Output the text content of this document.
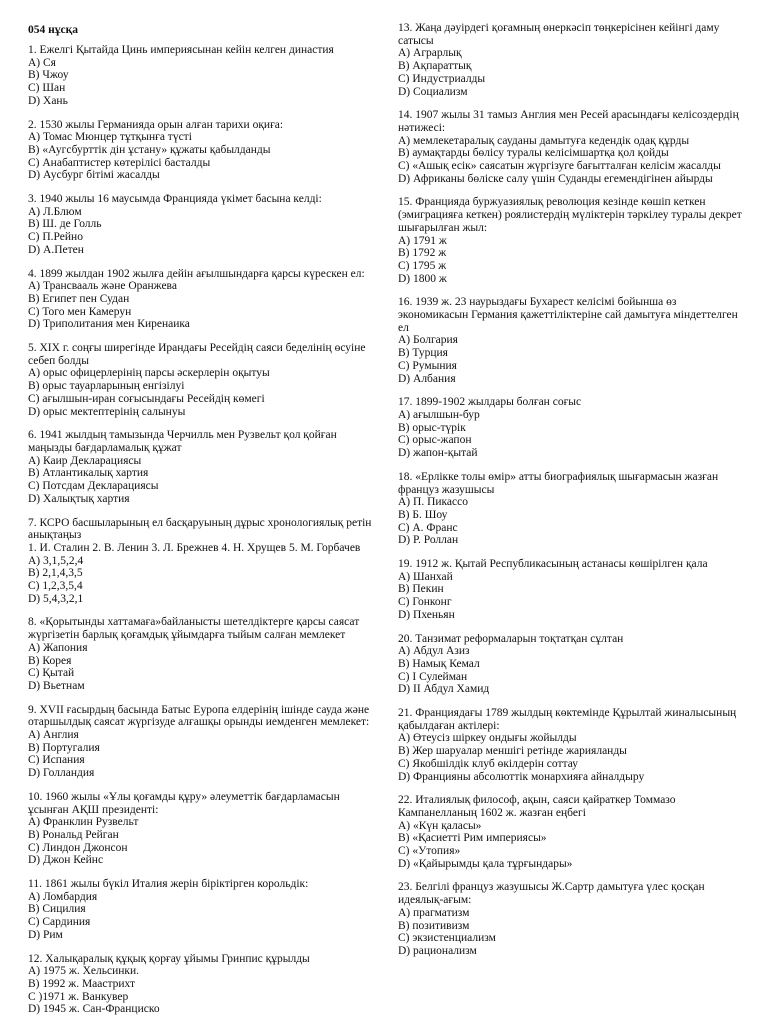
054 нұсқа
1. Ежелгі Қытайда Цинь империясынан кейін келген династия
A) Ся
B) Чжоу
C) Шан
D) Хань
2. 1530 жылы Германияда орын алған тарихи оқиға:
A) Томас Мюнцер тұтқынға түсті
B) «Аугсбурттік дін ұстану» құжаты қабылданды
C) Анабаптистер көтерілісі басталды
D) Аусбург бітімі жасалды
3. 1940 жылы 16 маусымда Францияда үкімет басына келді:
A) Л.Блюм
B) Ш. де Голль
C) П.Рейно
D) А.Петен
4. 1899 жылдан 1902 жылға дейін ағылшындарға қарсы күрескен ел:
A) Трансвааль және Оранжева
B) Египет пен Судан
C) Того мен Камерун
D) Триполитания мен Киренаика
5. XIX г. соңғы ширегінде Ирандағы Ресейдің саяси беделінің өсуіне себеп болды
A) орыс офицерлерінің парсы әскерлерін оқытуы
B) орыс тауарларының енгізілуі
C) ағылшын-иран соғысындағы Ресейдің көмегі
D) орыс мектептерінің салынуы
6. 1941 жылдың тамызында Черчилль мен Рузвельт қол қойған маңызды бағдарламалық құжат
A) Каир Декларациясы
B) Атлантикалық хартия
C) Потсдам Декларациясы
D) Халықтық хартия
7. КСРО басшыларының ел басқаруының дұрыс хронологиялық ретін анықтаңыз
1. И. Сталин 2. В. Ленин 3. Л. Брежнев 4. Н. Хрущев 5. М. Горбачев
A) 3,1,5,2,4
B) 2,1,4,3,5
C) 1,2,3,5,4
D) 5,4,3,2,1
8. «Қорытынды хаттамаға»байланысты шетелдіктерге қарсы саясат жүргізетін барлық қоғамдық ұйымдарға тыйым салған мемлекет
A) Жапония
B) Корея
C) Қытай
D) Вьетнам
9. XVII ғасырдың басында Батыс Еуропа елдерінің ішінде сауда және отаршылдық саясат жүргізуде алғашқы орынды иемденген мемлекет:
A) Англия
B) Португалия
C) Испания
D) Голландия
10. 1960 жылы «Ұлы қоғамды құру» әлеуметтік бағдарламасын ұсынған АҚШ президенті:
A) Франклин Рузвельт
B) Рональд Рейган
C) Линдон Джонсон
D) Джон Кейнс
11. 1861 жылы бүкіл Италия жерін біріктірген корольдік:
A) Ломбардия
B) Сицилия
C) Сардиния
D) Рим
12. Халықаралық құқық қорғау ұйымы Гринпис құрылды
A) 1975 ж. Хельсинки.
B) 1992 ж. Маастрихт
C )1971 ж. Ванкувер
D) 1945 ж. Сан-Франциско
13. Жаңа дәуірдегі қоғамның өнеркәсіп төңкерісінен кейінгі даму сатысы
A) Аграрлық
B) Ақпараттық
C) Индустриалды
D) Социализм
14. 1907 жылы 31 тамыз Англия мен Ресей арасындағы келісоздердің нәтижесі:
A) мемлекетаралық сауданы дамытуға кедендік одақ құрды
B) аумақтарды бөлісу туралы келісімшартқа қол қойды
C) «Ашық есік» саясатын жүргізуге бағытталған келісім жасалды
D) Африканы бөліске салу үшін Суданды егемендігінен айырды
15. Францияда буржуазиялық революция кезінде көшіп кеткен (эмиграцияға кеткен) роялистердің мүліктерін тәркілеу туралы декрет шығарылған жыл:
A) 1791 ж
B) 1792 ж
C) 1795 ж
D) 1800 ж
16. 1939 ж. 23 наурыздағы Бухарест келісімі бойынша өз экономикасын Германия қажеттіліктеріне сай дамытуға міндеттелген ел
A) Болгария
B) Турция
C) Румыния
D) Албания
17. 1899-1902 жылдары болған соғыс
A) ағылшын-бур
B) орыс-түрік
C) орыс-жапон
D) жапон-қытай
18. «Ерлікке толы өмір» атты биографиялық шығармасын жазған француз жазушысы
A) П. Пикассо
B) Б. Шоу
C) А. Франс
D) Р. Роллан
19. 1912 ж. Қытай Республикасының астанасы көшірілген қала
A) Шанхай
B) Пекин
C) Гонконг
D) Пхеньян
20. Танзимат реформаларын тоқтатқан сұлтан
A) Абдул Азиз
B) Намық Кемал
C) I Сулейман
D) II Абдул Хамид
21. Франциядағы 1789 жылдың көктемінде Құрылтай жиналысының қабылдаған актілері:
A) Өтеусіз шіркеу ондығы жойылды
B) Жер шаруалар меншігі ретінде жарияланды
C) Якобшілдік клуб өкілдерін соттау
D) Францияны абсолюттік монархияға айналдыру
22. Италиялық философ, ақын, саяси қайраткер Томмазо Кампанелланың 1602 ж. жазған еңбегі
A) «Күн қаласы»
B) «Қасиетті Рим империясы»
C) «Утопия»
D) «Қайырымды қала тұрғындары»
23. Белгілі француз жазушысы Ж.Сартр дамытуға үлес қосқан идеялық-ағым:
A) прагматизм
B) позитивизм
C) экзистенциализм
D) рационализм
